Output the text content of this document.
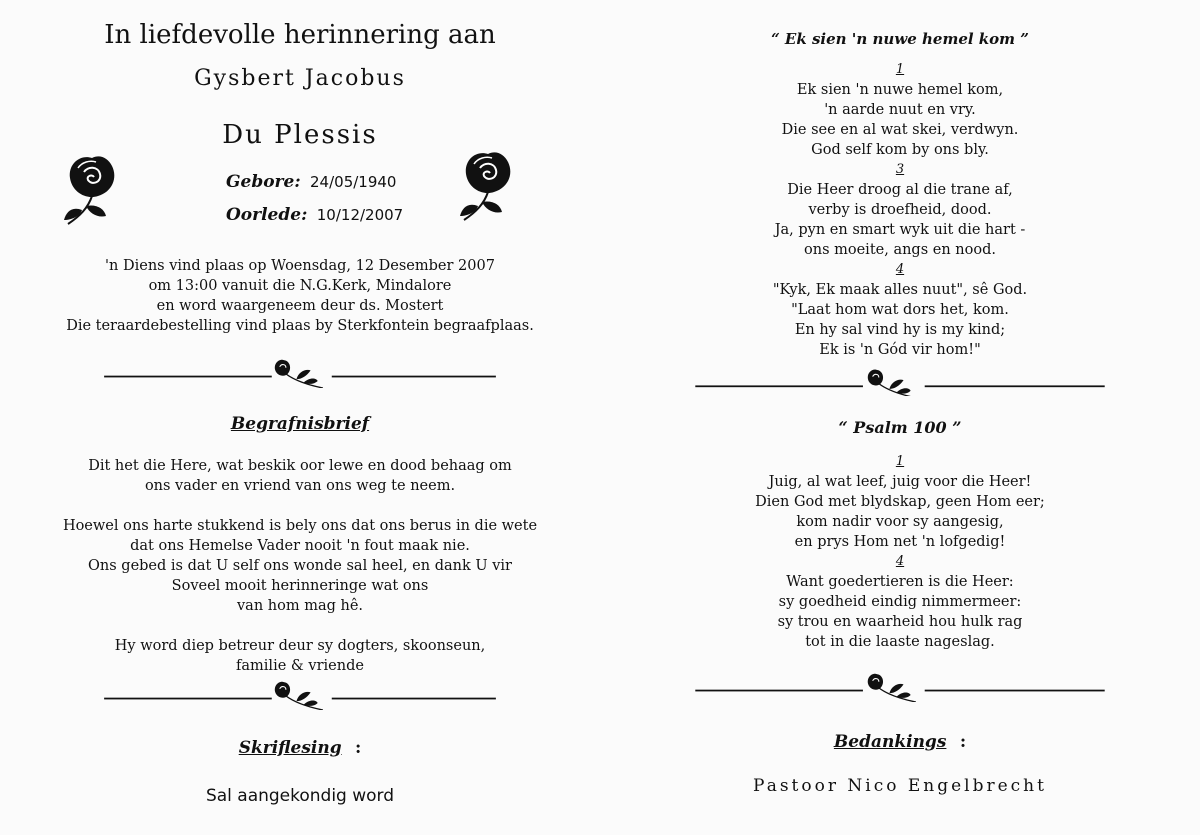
In liefdevolle herinnering aan
Gysbert Jacobus
Du Plessis
Gebore: 24/05/1940
Oorlede: 10/12/2007
'n Diens vind plaas op Woensdag, 12 Desember 2007
om 13:00 vanuit die N.G.Kerk, Mindalore
en word waargeneem deur ds. Mostert
Die teraardebestelling vind plaas by Sterkfontein begraafplaas.
Begrafnisbrief
Dit het die Here, wat beskik oor lewe en dood behaag om
ons vader en vriend van ons weg te neem.
Hoewel ons harte stukkend is bely ons dat ons berus in die wete
dat ons Hemelse Vader nooit 'n fout maak nie.
Ons gebed is dat U self ons wonde sal heel, en dank U vir
Soveel mooit herinneringe wat ons
van hom mag hê.
Hy word diep betreur deur sy dogters, skoonseun,
familie & vriende
Skriflesing :
Sal aangekondig word
“ Ek sien 'n nuwe hemel kom ”
1
Ek sien 'n nuwe hemel kom,
'n aarde nuut en vry.
Die see en al wat skei, verdwyn.
God self kom by ons bly.
3
Die Heer droog al die trane af,
verby is droefheid, dood.
Ja, pyn en smart wyk uit die hart -
ons moeite, angs en nood.
4
"Kyk, Ek maak alles nuut", sê God.
"Laat hom wat dors het, kom.
En hy sal vind hy is my kind;
Ek is 'n Gód vir hom!"
“ Psalm 100 ”
1
Juig, al wat leef, juig voor die Heer!
Dien God met blydskap, geen Hom eer;
kom nadir voor sy aangesig,
en prys Hom net 'n lofgedig!
4
Want goedertieren is die Heer:
sy goedheid eindig nimmermeer:
sy trou en waarheid hou hulk rag
tot in die laaste nageslag.
Bedankings :
Pastoor Nico Engelbrecht
